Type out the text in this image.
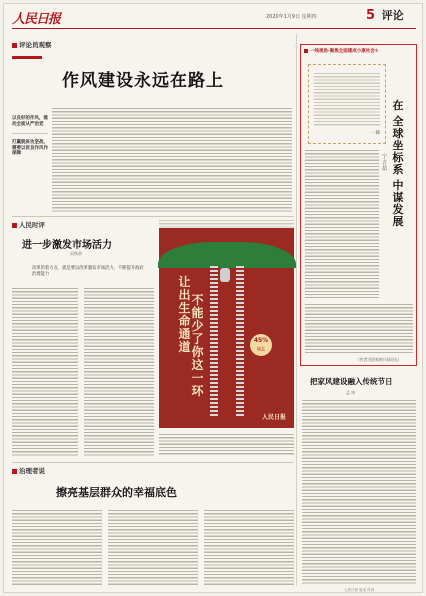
人民日报	2020年1月9日 星期四	5 评论
评论员观察
作风建设永远在路上
以良好的作风，推动全面从严治党
打赢脱贫攻坚战，需要以优良作风作保障
人民时评
进一步激发市场活力
吴秋余
改革的着力点，就是要以改革激发市场活力，不断提升政府治理能力
让出生命通道
不能少了你这一环
45%
以上
人民日报
治理者说
擦亮基层群众的幸福底色
一线视角·聚焦全面建成小康社会①
一 韩
在
全球坐标系
中谋发展
宁吉喆
（作者为国家统计局局长）
把家风建设融入传统节日
孟 帅
人民日报 电话 传真
